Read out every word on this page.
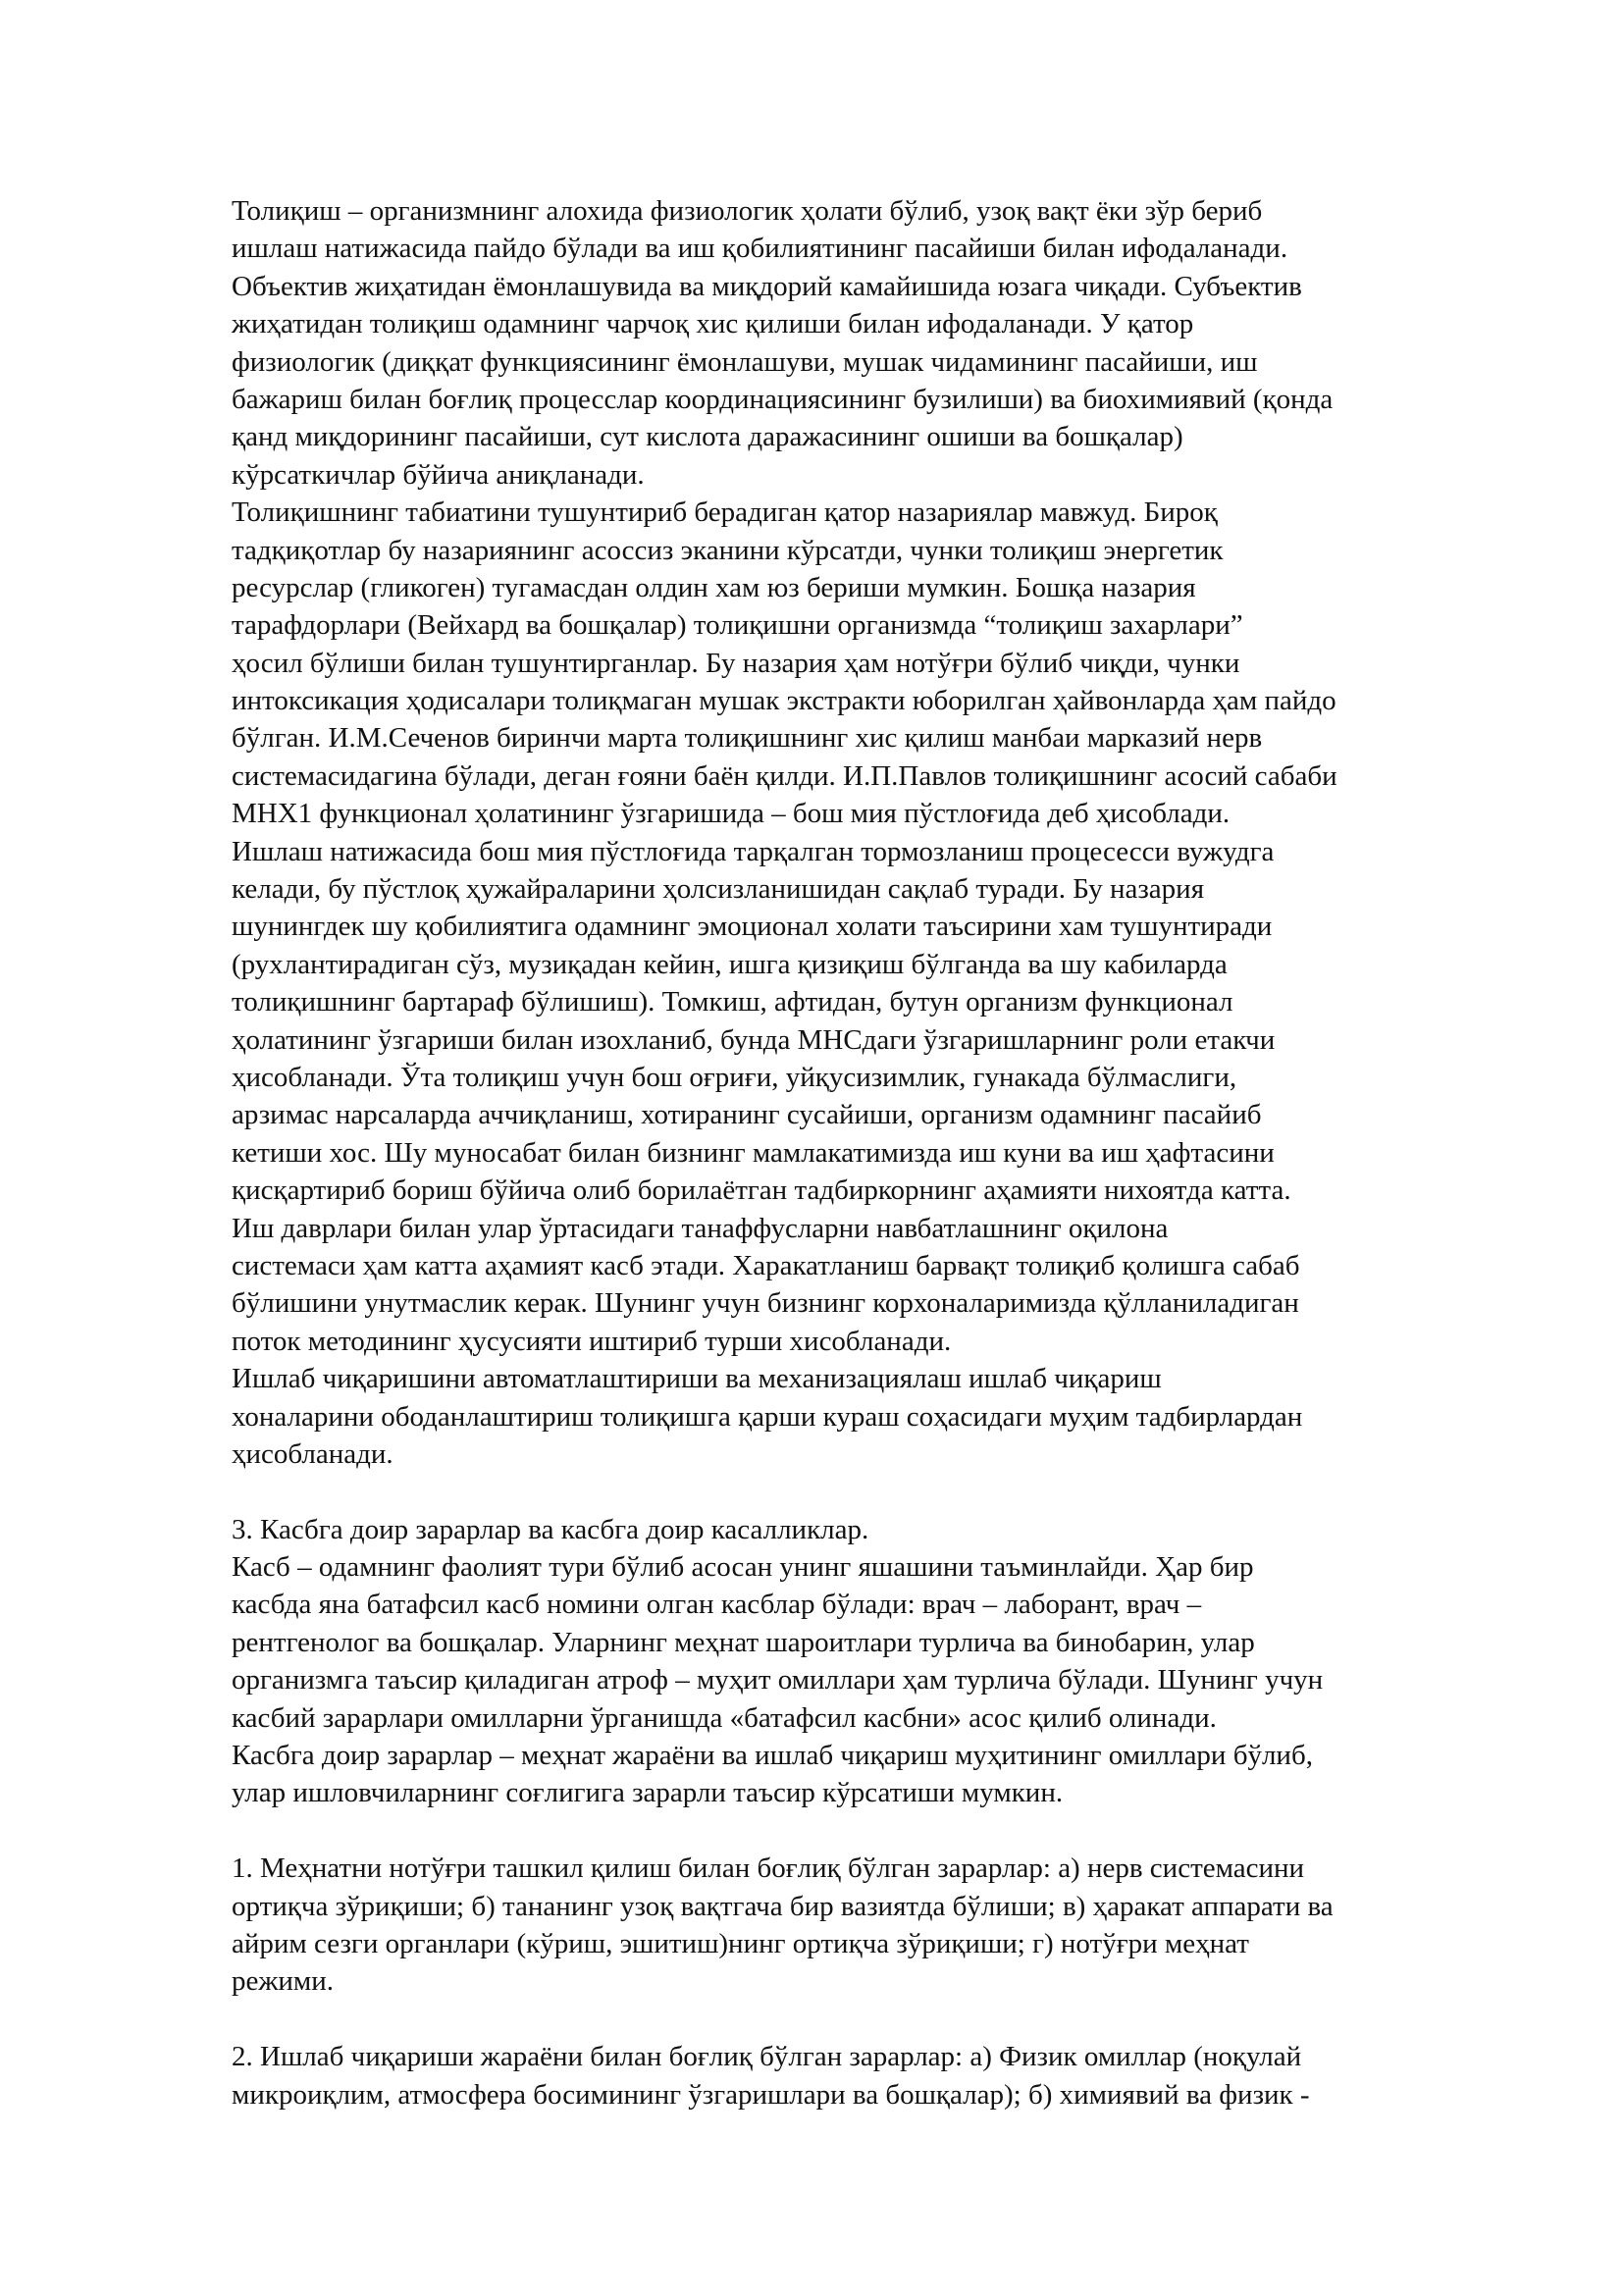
Толиқиш – организмнинг алохида физиологик ҳолати бўлиб, узоқ вақт ёки зўр бериб
ишлаш натижасида пайдо бўлади ва иш қобилиятининг пасайиши билан ифодаланади.
Объектив жиҳатидан ёмонлашувида ва миқдорий камайишида юзага чиқади. Субъектив
жиҳатидан толиқиш одамнинг чарчоқ хис қилиши билан ифодаланади. У қатор
физиологик (диққат функциясининг ёмонлашуви, мушак чидамининг пасайиши, иш
бажариш билан боғлиқ процесслар координациясининг бузилиши) ва биохимиявий (қонда
қанд миқдорининг пасайиши, сут кислота даражасининг ошиши ва бошқалар)
кўрсаткичлар бўйича аниқланади.
Толиқишнинг табиатини тушунтириб берадиган қатор назариялар мавжуд. Бироқ
тадқиқотлар бу назариянинг асоссиз эканини кўрсатди, чунки толиқиш энергетик
ресурслар (гликоген) тугамасдан олдин хам юз бериши мумкин. Бошқа назария
тарафдорлари (Вейхард ва бошқалар) толиқишни организмда “толиқиш захарлари”
ҳосил бўлиши билан тушунтирганлар. Бу назария ҳам нотўғри бўлиб чиқди, чунки
интоксикация ҳодисалари толиқмаган мушак экстракти юборилган ҳайвонларда ҳам пайдо
бўлган. И.М.Сеченов биринчи марта толиқишнинг хис қилиш манбаи марказий нерв
системасидагина бўлади, деган ғояни баён қилди. И.П.Павлов толиқишнинг асосий сабаби
МНХ1 функционал ҳолатининг ўзгаришида – бош мия пўстлоғида деб ҳисоблади.
Ишлаш натижасида бош мия пўстлоғида тарқалган тормозланиш процесесси вужудга
келади, бу пўстлоқ ҳужайраларини ҳолсизланишидан сақлаб туради. Бу назария
шунингдек шу қобилиятига одамнинг эмоционал холати таъсирини хам тушунтиради
(рухлантирадиган сўз, музиқадан кейин, ишга қизиқиш бўлганда ва шу кабиларда
толиқишнинг бартараф бўлишиш). Томкиш, афтидан, бутун организм функционал
ҳолатининг ўзгариши билан изохланиб, бунда МНСдаги ўзгаришларнинг роли етакчи
ҳисобланади. Ўта толиқиш учун бош оғриғи, уйқусизимлик, гунакада бўлмаслиги,
арзимас нарсаларда аччиқланиш, хотиранинг сусайиши, организм одамнинг пасайиб
кетиши хос. Шу муносабат билан бизнинг мамлакатимизда иш куни ва иш ҳафтасини
қисқартириб бориш бўйича олиб борилаётган тадбиркорнинг аҳамияти нихоятда катта.
Иш даврлари билан улар ўртасидаги танаффусларни навбатлашнинг оқилона
системаси ҳам катта аҳамият касб этади. Харакатланиш барвақт толиқиб қолишга сабаб
бўлишини унутмаслик керак. Шунинг учун бизнинг корхоналаримизда қўлланиладиган
поток методининг ҳусусияти иштириб турши хисобланади.
Ишлаб чиқаришини автоматлаштириши ва механизациялаш ишлаб чиқариш
хоналарини ободанлаштириш толиқишга қарши кураш соҳасидаги муҳим тадбирлардан
ҳисобланади.
3. Касбга доир зарарлар ва касбга доир касалликлар.
Касб – одамнинг фаолият тури бўлиб асосан унинг яшашини таъминлайди. Ҳар бир
касбда яна батафсил касб номини олган касблар бўлади: врач – лаборант, врач –
рентгенолог ва бошқалар. Уларнинг меҳнат шароитлари турлича ва бинобарин, улар
организмга таъсир қиладиган атроф – муҳит омиллари ҳам турлича бўлади. Шунинг учун
касбий зарарлари омилларни ўрганишда «батафсил касбни» асос қилиб олинади.
Касбга доир зарарлар – меҳнат жараёни ва ишлаб чиқариш муҳитининг омиллари бўлиб,
улар ишловчиларнинг соғлигига зарарли таъсир кўрсатиши мумкин.
1. Меҳнатни нотўғри ташкил қилиш билан боғлиқ бўлган зарарлар: а) нерв системасини
ортиқча зўриқиши; б) тананинг узоқ вақтгача бир вазиятда бўлиши; в) ҳаракат аппарати ва
айрим сезги органлари (кўриш, эшитиш)нинг ортиқча зўриқиши; г) нотўғри меҳнат
режими.
2. Ишлаб чиқариши жараёни билан боғлиқ бўлган зарарлар: а) Физик омиллар (ноқулай
микроиқлим, атмосфера босимининг ўзгаришлари ва бошқалар); б) химиявий ва физик -
